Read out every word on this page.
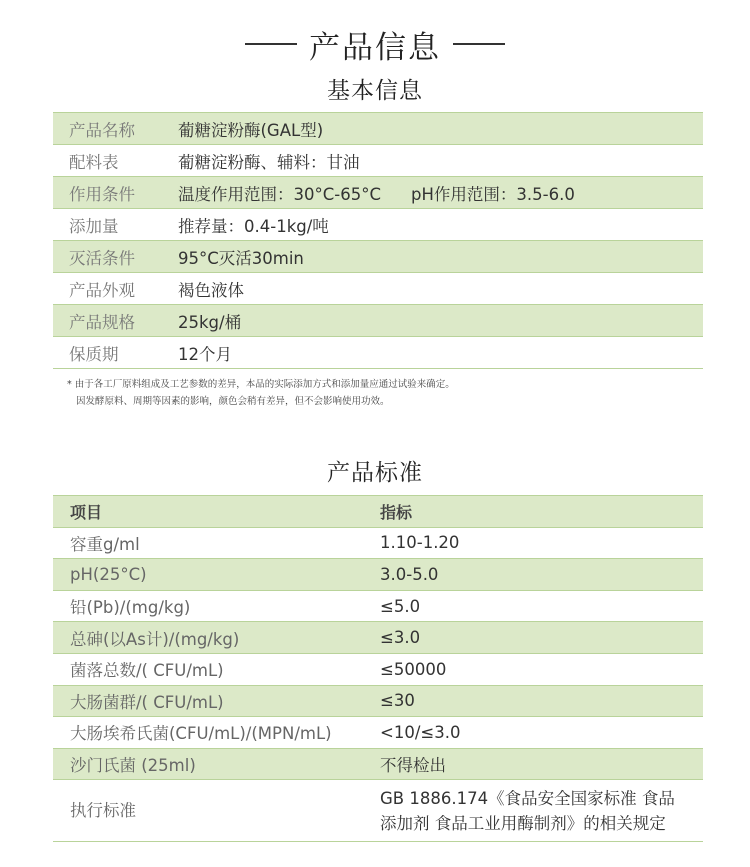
产品信息
基本信息
产品名称	葡糖淀粉酶(GAL型)
配料表	葡糖淀粉酶、辅料：甘油
作用条件	温度作用范围：30°C-65°C pH作用范围：3.5-6.0
添加量	推荐量：0.4-1kg/吨
灭活条件	95°C灭活30min
产品外观	褐色液体
产品规格	25kg/桶
保质期	12个月
* 由于各工厂原料组成及工艺参数的差异，本品的实际添加方式和添加量应通过试验来确定。
因发酵原料、周期等因素的影响，颜色会稍有差异，但不会影响使用功效。
产品标准
项目	指标
容重g/ml	1.10-1.20
pH(25°C)	3.0-5.0
铅(Pb)/(mg/kg)	≤5.0
总砷(以As计)/(mg/kg)	≤3.0
菌落总数/( CFU/mL)	≤50000
大肠菌群/( CFU/mL)	≤30
大肠埃希氏菌(CFU/mL)/(MPN/mL)	<10/≤3.0
沙门氏菌 (25ml)	不得检出
执行标准	GB 1886.174《食品安全国家标准 食品
添加剂 食品工业用酶制剂》的相关规定
